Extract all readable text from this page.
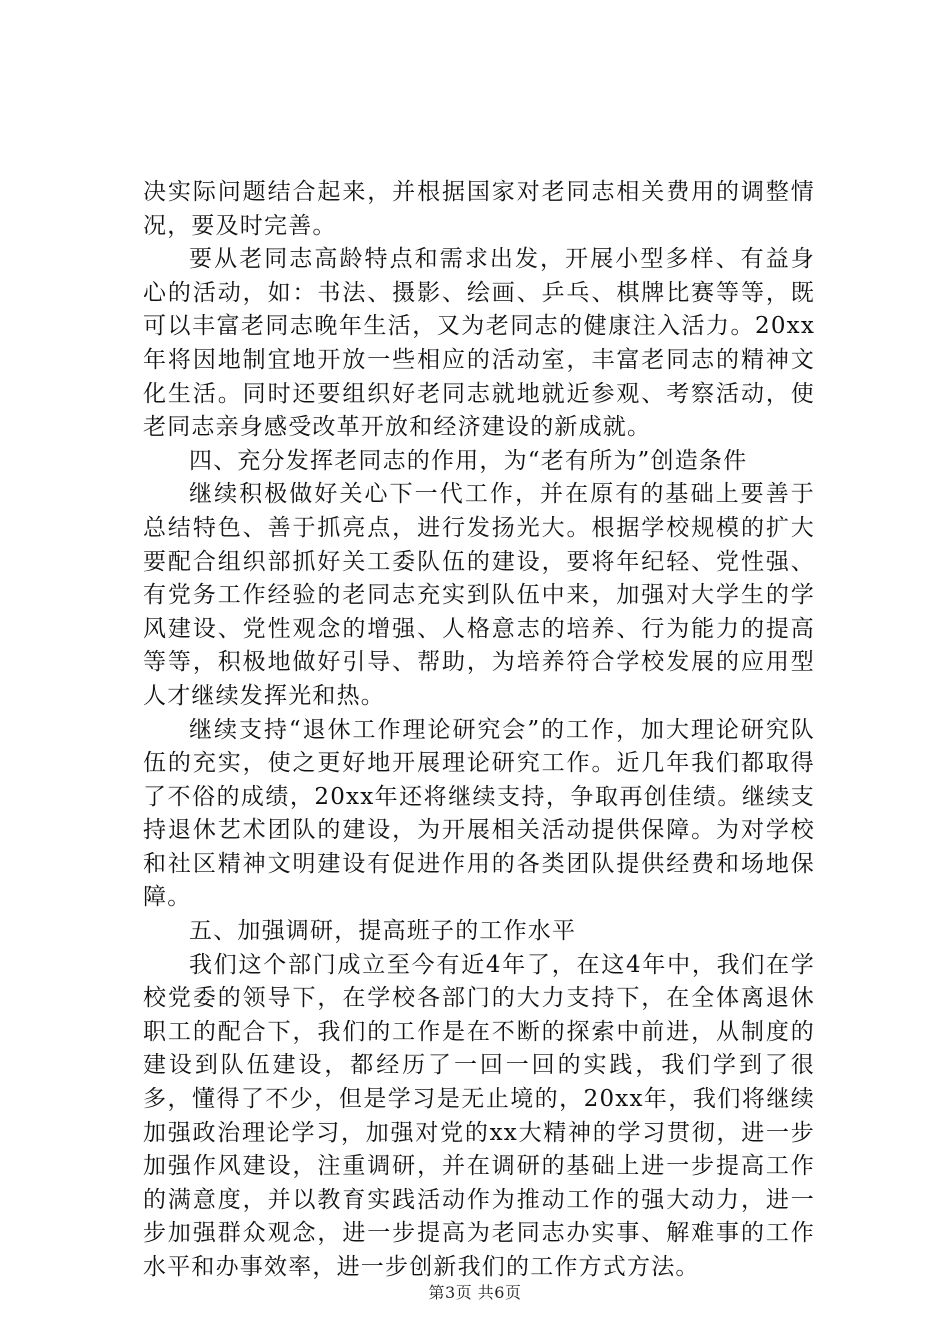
决实际问题结合起来，并根据国家对老同志相关费用的调整情况，要及时完善。

要从老同志高龄特点和需求出发，开展小型多样、有益身心的活动，如：书法、摄影、绘画、乒乓、棋牌比赛等等，既可以丰富老同志晚年生活，又为老同志的健康注入活力。20xx年将因地制宜地开放一些相应的活动室，丰富老同志的精神文化生活。同时还要组织好老同志就地就近参观、考察活动，使老同志亲身感受改革开放和经济建设的新成就。

四、充分发挥老同志的作用，为“老有所为”创造条件

继续积极做好关心下一代工作，并在原有的基础上要善于总结特色、善于抓亮点，进行发扬光大。根据学校规模的扩大要配合组织部抓好关工委队伍的建设，要将年纪轻、党性强、有党务工作经验的老同志充实到队伍中来，加强对大学生的学风建设、党性观念的增强、人格意志的培养、行为能力的提高等等，积极地做好引导、帮助，为培养符合学校发展的应用型人才继续发挥光和热。

继续支持“退休工作理论研究会”的工作，加大理论研究队伍的充实，使之更好地开展理论研究工作。近几年我们都取得了不俗的成绩，20xx年还将继续支持，争取再创佳绩。继续支持退休艺术团队的建设，为开展相关活动提供保障。为对学校和社区精神文明建设有促进作用的各类团队提供经费和场地保障。

五、加强调研，提高班子的工作水平

我们这个部门成立至今有近4年了，在这4年中，我们在学校党委的领导下，在学校各部门的大力支持下，在全体离退休职工的配合下，我们的工作是在不断的探索中前进，从制度的建设到队伍建设，都经历了一回一回的实践，我们学到了很多，懂得了不少，但是学习是无止境的，20xx年，我们将继续加强政治理论学习，加强对党的xx大精神的学习贯彻，进一步加强作风建设，注重调研，并在调研的基础上进一步提高工作的满意度，并以教育实践活动作为推动工作的强大动力，进一步加强群众观念，进一步提高为老同志办实事、解难事的工作水平和办事效率，进一步创新我们的工作方式方法。

第3页 共6页
